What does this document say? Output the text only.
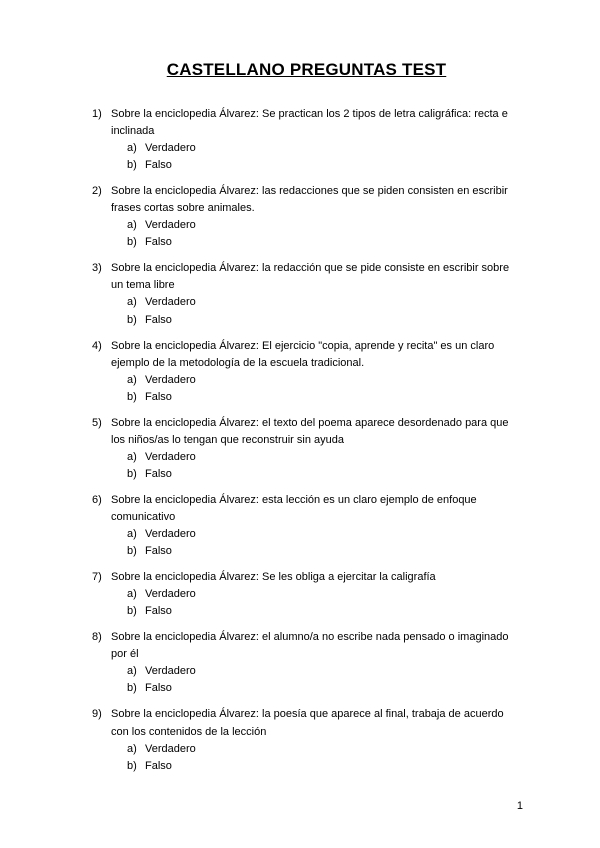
CASTELLANO PREGUNTAS TEST
1) Sobre la enciclopedia Álvarez: Se practican los 2 tipos de letra caligráfica: recta e inclinada
a) Verdadero
b) Falso
2) Sobre la enciclopedia Álvarez: las redacciones que se piden consisten en escribir frases cortas sobre animales.
a) Verdadero
b) Falso
3) Sobre la enciclopedia Álvarez: la redacción que se pide consiste en escribir sobre un tema libre
a) Verdadero
b) Falso
4) Sobre la enciclopedia Álvarez: El ejercicio "copia, aprende y recita" es un claro ejemplo de la metodología de la escuela tradicional.
a) Verdadero
b) Falso
5) Sobre la enciclopedia Álvarez: el texto del poema aparece desordenado para que los niños/as lo tengan que reconstruir sin ayuda
a) Verdadero
b) Falso
6) Sobre la enciclopedia Álvarez: esta lección es un claro ejemplo de enfoque comunicativo
a) Verdadero
b) Falso
7) Sobre la enciclopedia Álvarez: Se les obliga a ejercitar la caligrafía
a) Verdadero
b) Falso
8) Sobre la enciclopedia Álvarez: el alumno/a no escribe nada pensado o imaginado por él
a) Verdadero
b) Falso
9) Sobre la enciclopedia Álvarez: la poesía que aparece al final, trabaja de acuerdo con los contenidos de la lección
a) Verdadero
b) Falso
1
